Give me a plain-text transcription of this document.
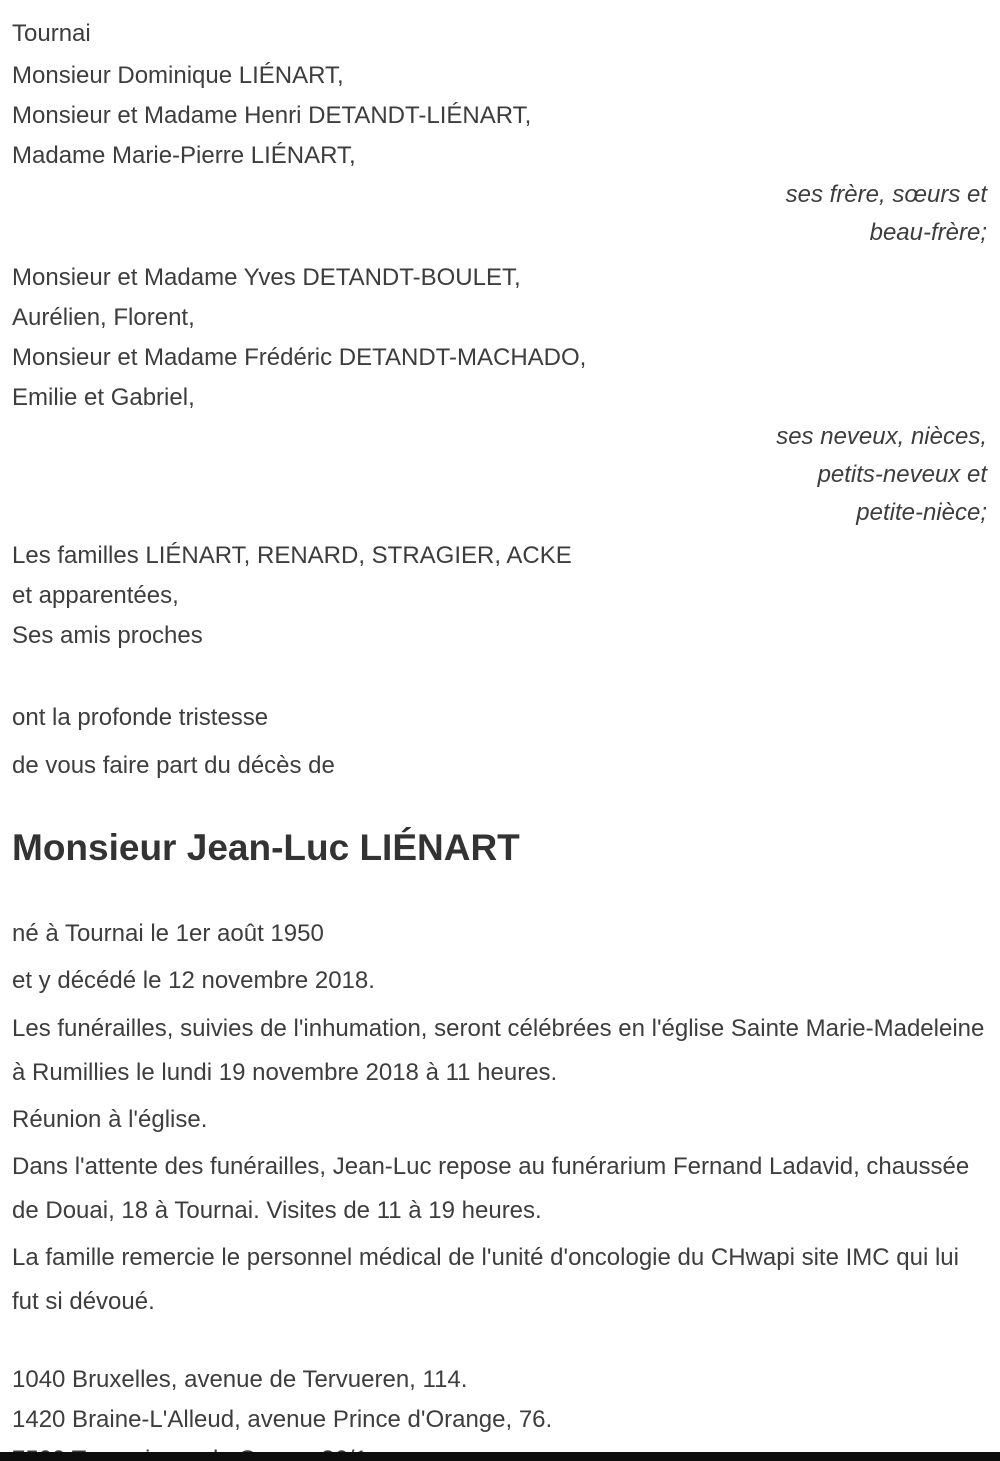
Tournai
Monsieur Dominique LIÉNART,
Monsieur et Madame Henri DETANDT-LIÉNART,
Madame Marie-Pierre LIÉNART,
ses frère, sœurs et
beau-frère;
Monsieur et Madame Yves DETANDT-BOULET,
Aurélien, Florent,
Monsieur et Madame Frédéric DETANDT-MACHADO,
Emilie et Gabriel,
ses neveux, nièces,
petits-neveux et
petite-nièce;
Les familles LIÉNART, RENARD, STRAGIER, ACKE
et apparentées,
Ses amis proches
ont la profonde tristesse
de vous faire part du décès de
Monsieur Jean-Luc LIÉNART
né à Tournai le 1er août 1950
et y décédé le 12 novembre 2018.

Les funérailles, suivies de l'inhumation, seront célébrées en l'église Sainte Marie-Madeleine à Rumillies le lundi 19 novembre 2018 à 11 heures.

Réunion à l'église.

Dans l'attente des funérailles, Jean-Luc repose au funérarium Fernand Ladavid, chaussée de Douai, 18 à Tournai. Visites de 11 à 19 heures.

La famille remercie le personnel médical de l'unité d'oncologie du CHwapi site IMC qui lui fut si dévoué.

1040 Bruxelles, avenue de Tervueren, 114.
1420 Braine-L'Alleud, avenue Prince d'Orange, 76.
